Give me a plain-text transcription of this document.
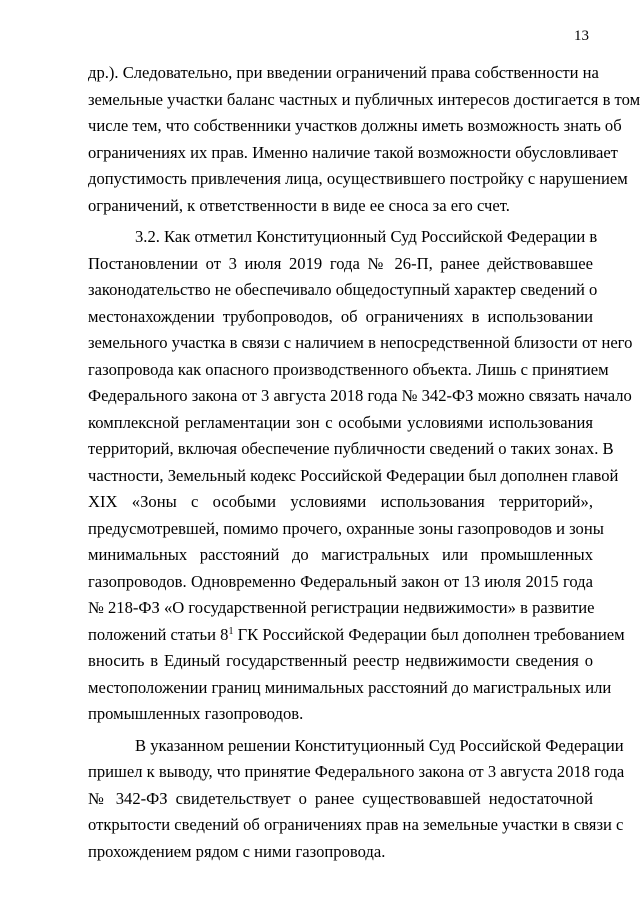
13

др.). Следовательно, при введении ограничений права собственности на
земельные участки баланс частных и публичных интересов достигается в том
числе тем, что собственники участков должны иметь возможность знать об
ограничениях их прав. Именно наличие такой возможности обусловливает
допустимость привлечения лица, осуществившего постройку с нарушением
ограничений, к ответственности в виде ее сноса за его счет.

3.2. Как отметил Конституционный Суд Российской Федерации в
Постановлении от 3 июля 2019 года № 26-П, ранее действовавшее
законодательство не обеспечивало общедоступный характер сведений о
местонахождении трубопроводов, об ограничениях в использовании
земельного участка в связи с наличием в непосредственной близости от него
газопровода как опасного производственного объекта. Лишь с принятием
Федерального закона от 3 августа 2018 года № 342-ФЗ можно связать начало
комплексной регламентации зон с особыми условиями использования
территорий, включая обеспечение публичности сведений о таких зонах. В
частности, Земельный кодекс Российской Федерации был дополнен главой
XIX «Зоны с особыми условиями использования территорий»,
предусмотревшей, помимо прочего, охранные зоны газопроводов и зоны
минимальных расстояний до магистральных или промышленных
газопроводов. Одновременно Федеральный закон от 13 июля 2015 года
№ 218-ФЗ «О государственной регистрации недвижимости» в развитие
положений статьи $8^1$ ГК Российской Федерации был дополнен требованием
вносить в Единый государственный реестр недвижимости сведения о
местоположении границ минимальных расстояний до магистральных или
промышленных газопроводов.

В указанном решении Конституционный Суд Российской Федерации
пришел к выводу, что принятие Федерального закона от 3 августа 2018 года
№ 342-ФЗ свидетельствует о ранее существовавшей недостаточной
открытости сведений об ограничениях прав на земельные участки в связи с
прохождением рядом с ними газопровода.
